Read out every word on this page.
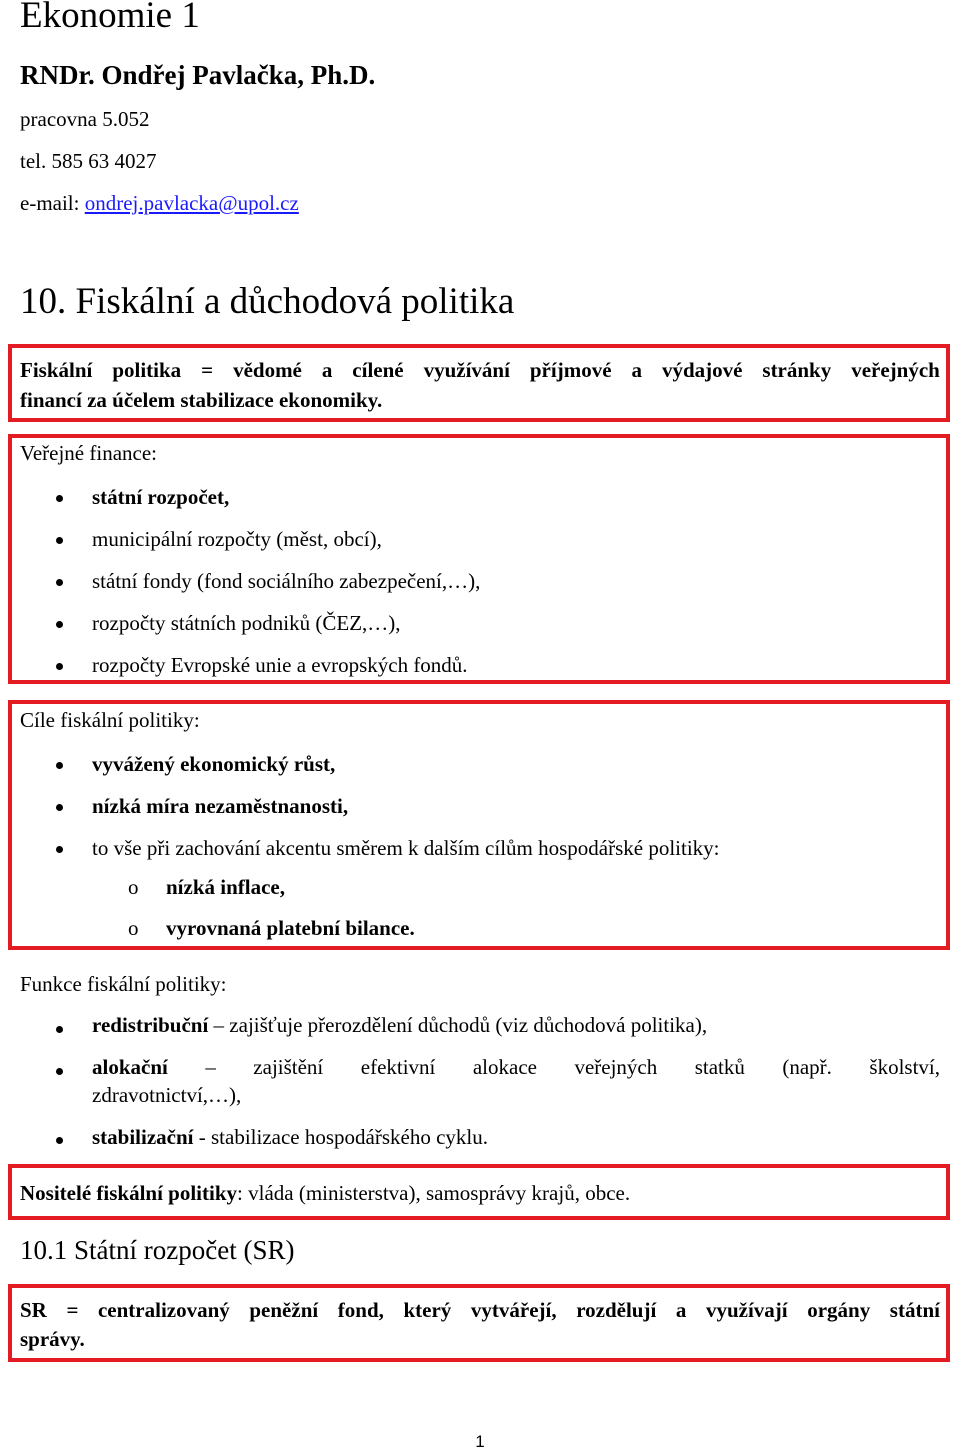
Ekonomie 1
RNDr. Ondřej Pavlačka, Ph.D.
pracovna 5.052
tel. 585 63 4027
e-mail: ondrej.pavlacka@upol.cz
10. Fiskální a důchodová politika
Fiskální politika = vědomé a cílené využívání příjmové a výdajové stránky veřejných
financí za účelem stabilizace ekonomiky.
Veřejné finance:
státní rozpočet,
municipální rozpočty (měst, obcí),
státní fondy (fond sociálního zabezpečení,…),
rozpočty státních podniků (ČEZ,…),
rozpočty Evropské unie a evropských fondů.
Cíle fiskální politiky:
vyvážený ekonomický růst,
nízká míra nezaměstnanosti,
to vše při zachování akcentu směrem k dalším cílům hospodářské politiky:
o nízká inflace,
o vyrovnaná platební bilance.
Funkce fiskální politiky:
redistribuční – zajišťuje přerozdělení důchodů (viz důchodová politika),
alokační – zajištění efektivní alokace veřejných statků (např. školství,
zdravotnictví,…),
stabilizační - stabilizace hospodářského cyklu.
Nositelé fiskální politiky: vláda (ministerstva), samosprávy krajů, obce.
10.1 Státní rozpočet (SR)
SR = centralizovaný peněžní fond, který vytvářejí, rozdělují a využívají orgány státní
správy.
1
